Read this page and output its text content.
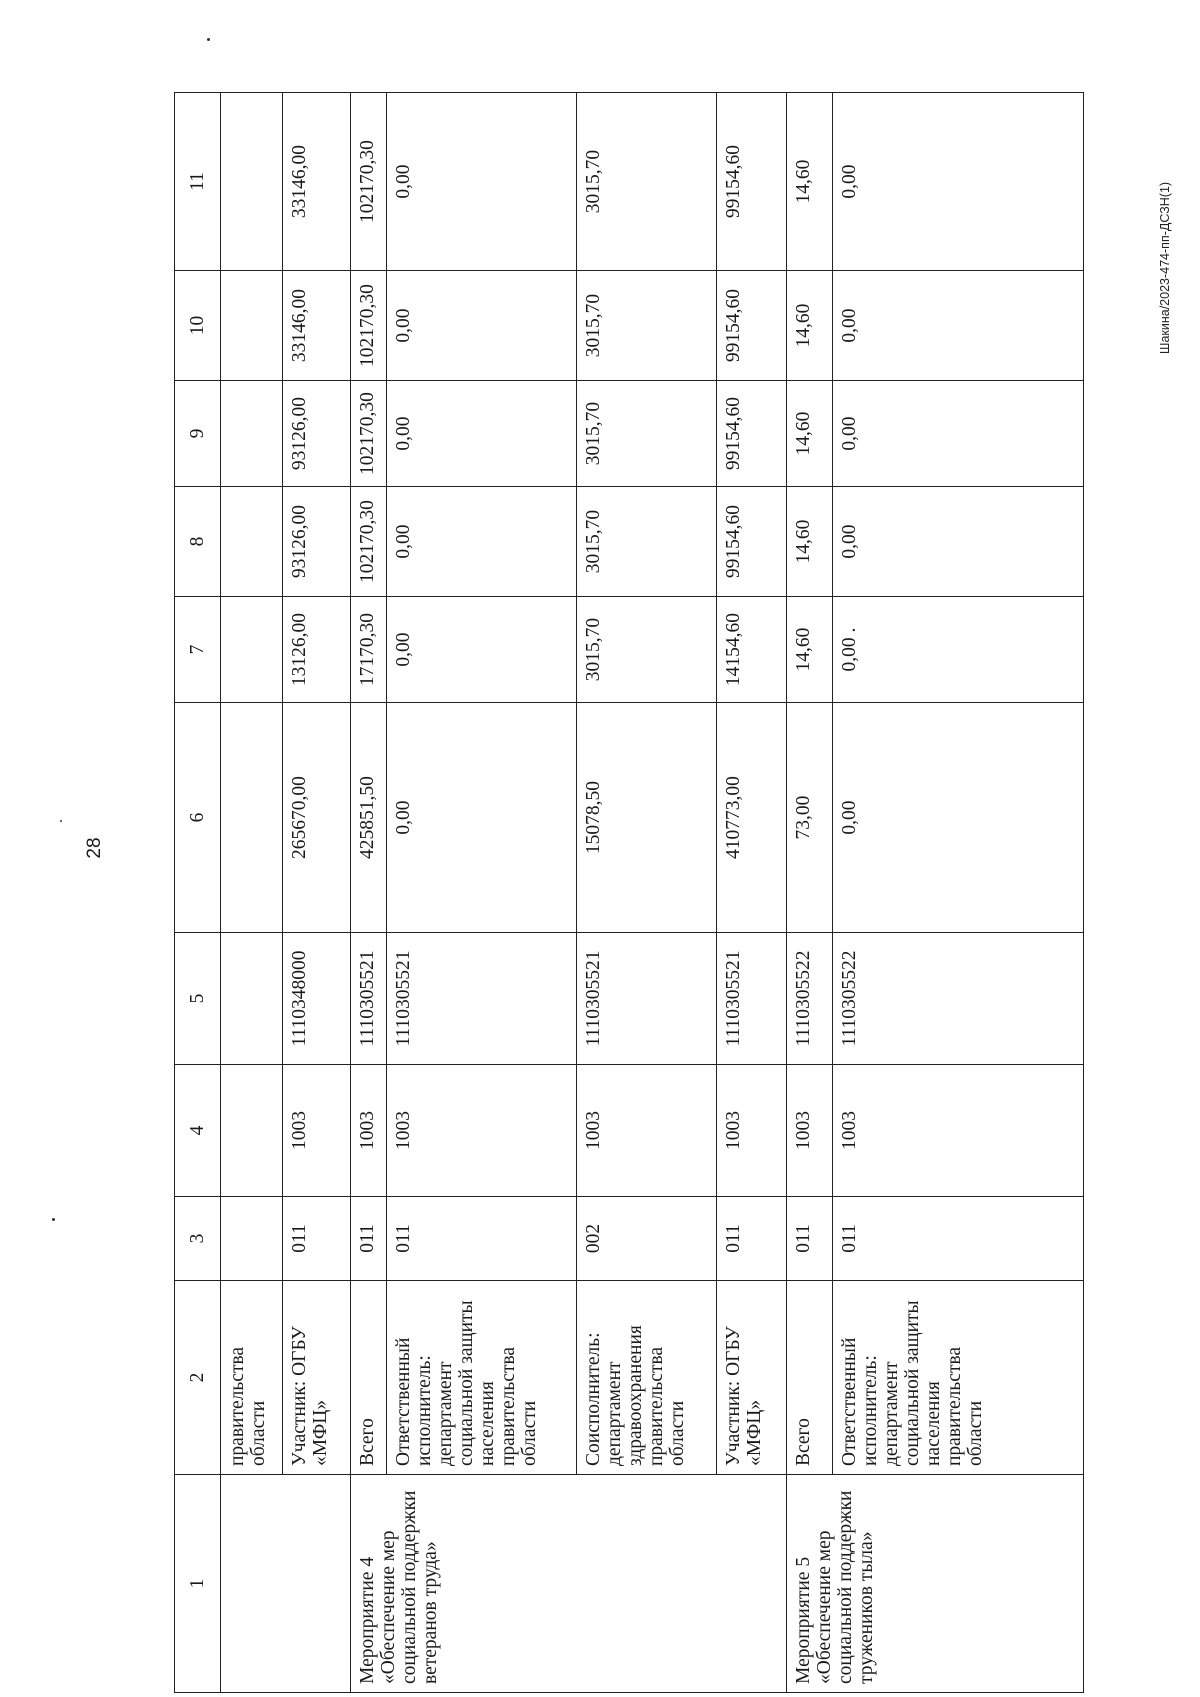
28
Шакина/2023-474-пп-ДСЗН(1)
1	2	3	4	5	6	7	8	9	10	11
	правительства области									
	Участник: ОГБУ «МФЦ»	011	1003	1110348000	265670,00	13126,00	93126,00	93126,00	33146,00	33146,00
Мероприятие 4 «Обеспечение мер социальной поддержки ветеранов труда»	Всего	011	1003	1110305521	425851,50	17170,30	102170,30	102170,30	102170,30	102170,30
	Ответственный исполнитель: департамент социальной защиты населения правительства области	011	1003	1110305521	0,00	0,00	0,00	0,00	0,00	0,00
	Соисполнитель: департамент здравоохранения правительства области	002	1003	1110305521	15078,50	3015,70	3015,70	3015,70	3015,70	3015,70
	Участник: ОГБУ «МФЦ»	011	1003	1110305521	410773,00	14154,60	99154,60	99154,60	99154,60	99154,60
Мероприятие 5 «Обеспечение мер социальной поддержки тружеников тыла»	Всего	011	1003	1110305522	73,00	14,60	14,60	14,60	14,60	14,60
	Ответственный исполнитель: департамент социальной защиты населения правительства области	011	1003	1110305522	0,00	0,00 .	0,00	0,00	0,00	0,00
